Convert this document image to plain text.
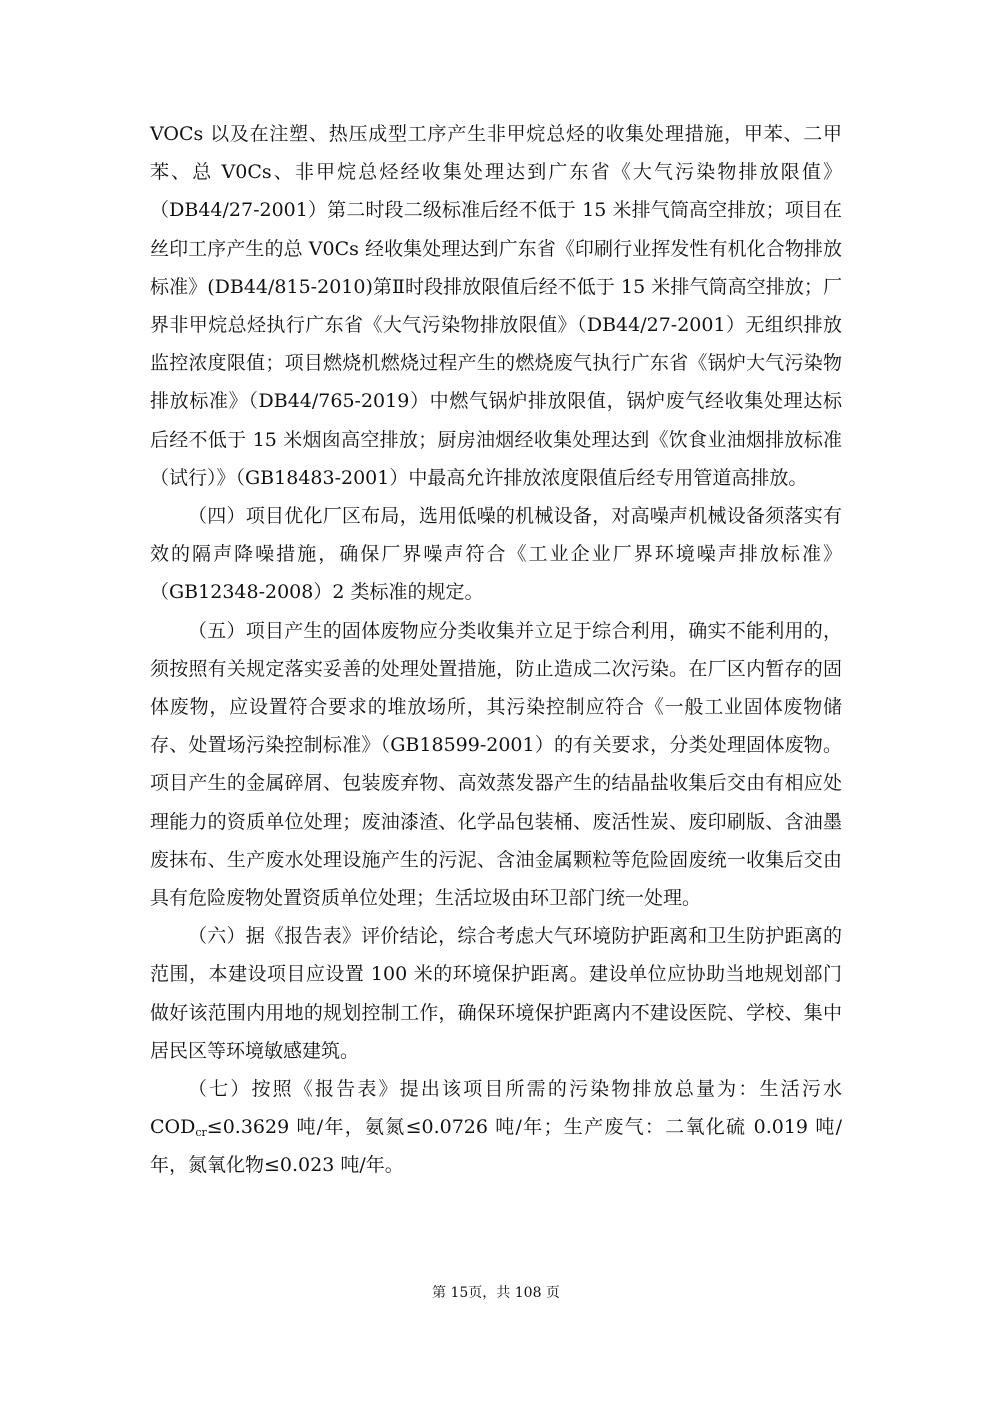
VOCs 以及在注塑、热压成型工序产生非甲烷总烃的收集处理措施，甲苯、二甲苯、总 V0Cs、非甲烷总烃经收集处理达到广东省《大气污染物排放限值》（DB44/27-2001）第二时段二级标准后经不低于 15 米排气筒高空排放；项目在丝印工序产生的总 V0Cs 经收集处理达到广东省《印刷行业挥发性有机化合物排放标准》(DB44/815-2010)第Ⅱ时段排放限值后经不低于 15 米排气筒高空排放；厂界非甲烷总烃执行广东省《大气污染物排放限值》（DB44/27-2001）无组织排放监控浓度限值；项目燃烧机燃烧过程产生的燃烧废气执行广东省《锅炉大气污染物排放标准》（DB44/765-2019）中燃气锅炉排放限值，锅炉废气经收集处理达标后经不低于 15 米烟囱高空排放；厨房油烟经收集处理达到《饮食业油烟排放标准（试行）》（GB18483-2001）中最高允许排放浓度限值后经专用管道高排放。

（四）项目优化厂区布局，选用低噪的机械设备，对高噪声机械设备须落实有效的隔声降噪措施，确保厂界噪声符合《工业企业厂界环境噪声排放标准》（GB12348-2008）2 类标准的规定。

（五）项目产生的固体废物应分类收集并立足于综合利用，确实不能利用的，须按照有关规定落实妥善的处理处置措施，防止造成二次污染。在厂区内暂存的固体废物，应设置符合要求的堆放场所，其污染控制应符合《一般工业固体废物储存、处置场污染控制标准》（GB18599-2001）的有关要求，分类处理固体废物。项目产生的金属碎屑、包装废弃物、高效蒸发器产生的结晶盐收集后交由有相应处理能力的资质单位处理；废油漆渣、化学品包装桶、废活性炭、废印刷版、含油墨废抹布、生产废水处理设施产生的污泥、含油金属颗粒等危险固废统一收集后交由具有危险废物处置资质单位处理；生活垃圾由环卫部门统一处理。

（六）据《报告表》评价结论，综合考虑大气环境防护距离和卫生防护距离的范围，本建设项目应设置 100 米的环境保护距离。建设单位应协助当地规划部门做好该范围内用地的规划控制工作，确保环境保护距离内不建设医院、学校、集中居民区等环境敏感建筑。

（七）按照《报告表》提出该项目所需的污染物排放总量为：生活污水 $COD_{cr}\le 0.3629$ 吨/年，氨氮≤0.0726 吨/年；生产废气：二氧化硫 0.019 吨/年，氮氧化物≤0.023 吨/年。

第 15页，共 108 页
